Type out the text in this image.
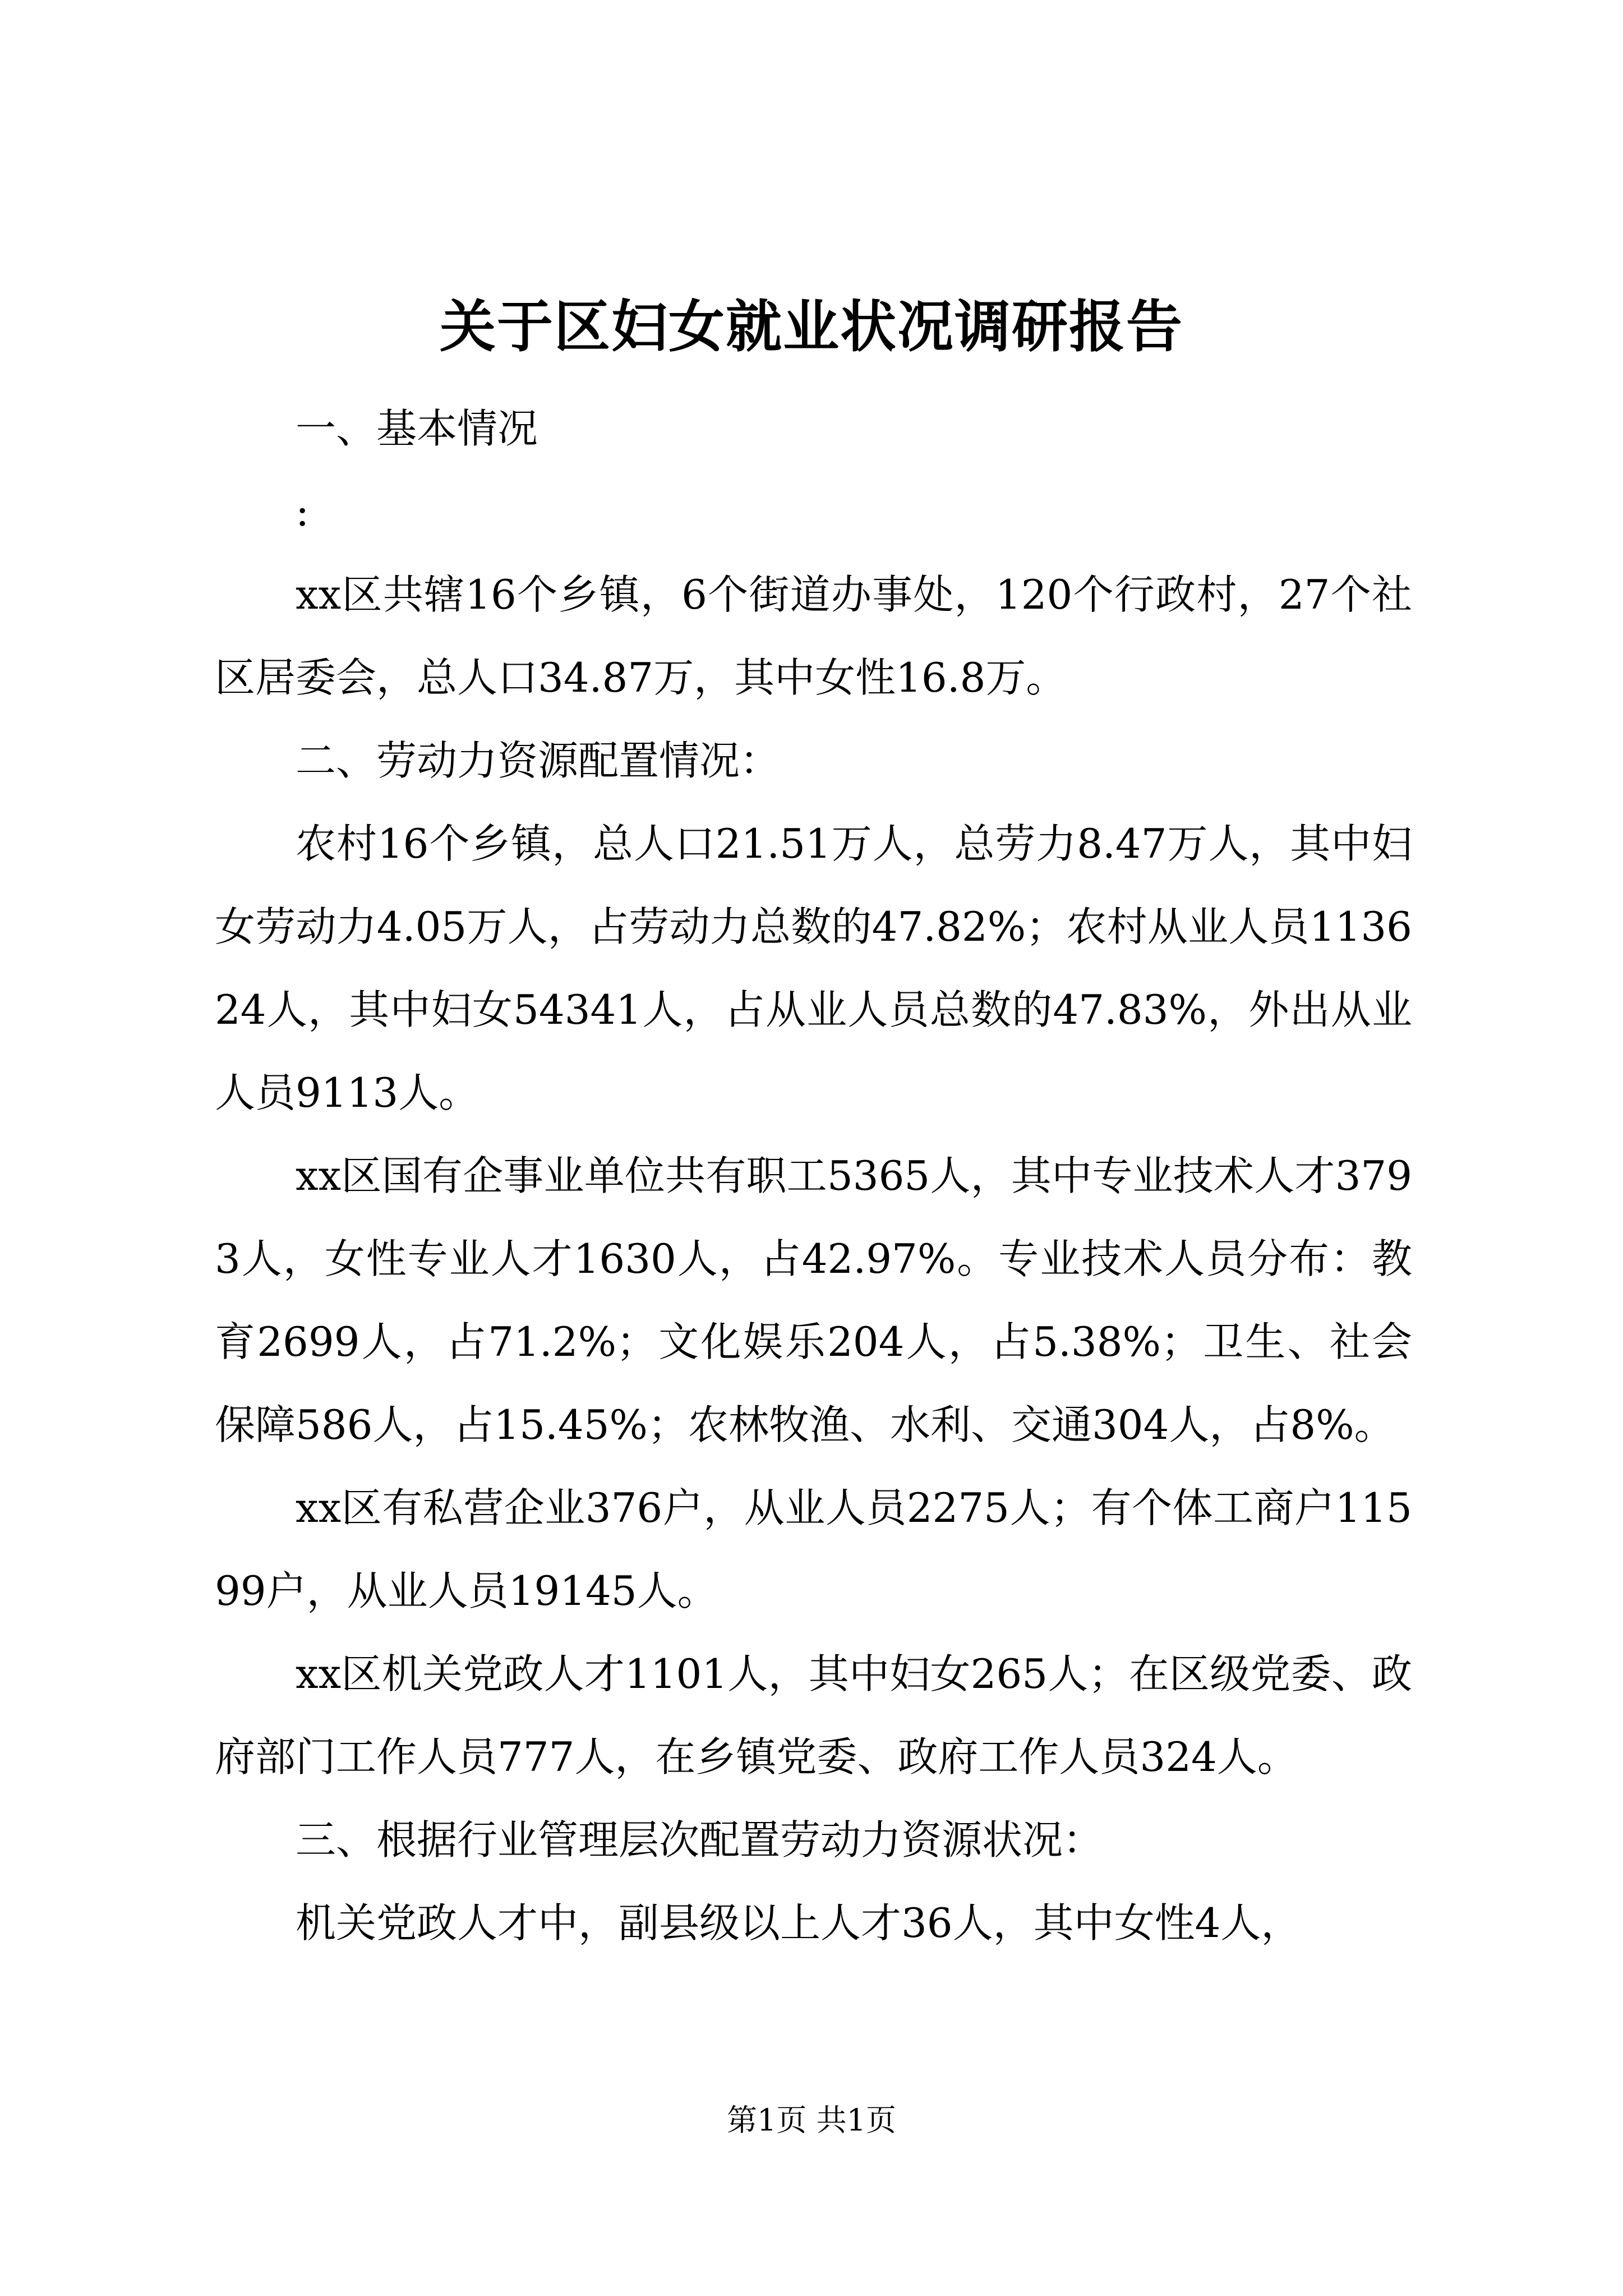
关于区妇女就业状况调研报告

一、基本情况

:

xx区共辖16个乡镇，6个街道办事处，120个行政村，27个社区居委会，总人口34.87万，其中女性16.8万。

二、劳动力资源配置情况：

农村16个乡镇，总人口21.51万人，总劳力8.47万人，其中妇女劳动力4.05万人，占劳动力总数的47.82%；农村从业人员113624人，其中妇女54341人，占从业人员总数的47.83%，外出从业人员9113人。

xx区国有企事业单位共有职工5365人，其中专业技术人才3793人，女性专业人才1630人，占42.97%。专业技术人员分布：教育2699人，占71.2%；文化娱乐204人，占5.38%；卫生、社会保障586人，占15.45%；农林牧渔、水利、交通304人，占8%。

xx区有私营企业376户，从业人员2275人；有个体工商户11599户，从业人员19145人。

xx区机关党政人才1101人，其中妇女265人；在区级党委、政府部门工作人员777人，在乡镇党委、政府工作人员324人。

三、根据行业管理层次配置劳动力资源状况：

机关党政人才中，副县级以上人才36人，其中女性4人，

第1页 共1页
